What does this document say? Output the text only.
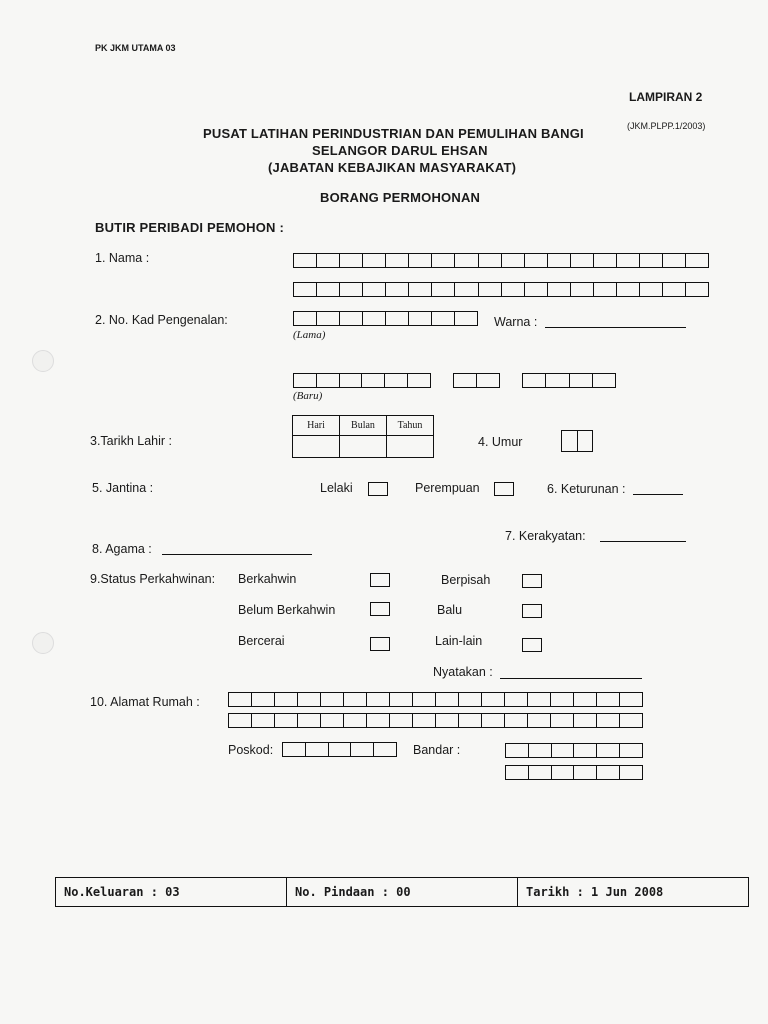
PK JKM UTAMA 03
LAMPIRAN 2
(JKM.PLPP.1/2003)
PUSAT LATIHAN PERINDUSTRIAN DAN PEMULIHAN BANGI
SELANGOR DARUL EHSAN
(JABATAN KEBAJIKAN MASYARAKAT)
BORANG PERMOHONAN
BUTIR PERIBADI PEMOHON :
1. Nama :
2. No. Kad Pengenalan:
(Lama)
Warna :
(Baru)
3.Tarikh Lahir :
Hari	Bulan	Tahun

4. Umur
5. Jantina :	Lelaki	Perempuan	6. Keturunan :
7. Kerakyatan:
8. Agama :
9.Status Perkahwinan: Berkahwin	Berpisah
Belum Berkahwin	Balu
Bercerai	Lain-lain
Nyatakan :
10. Alamat Rumah :
Poskod:	Bandar :
No.Keluaran : 03	No. Pindaan : 00	Tarikh : 1 Jun 2008
